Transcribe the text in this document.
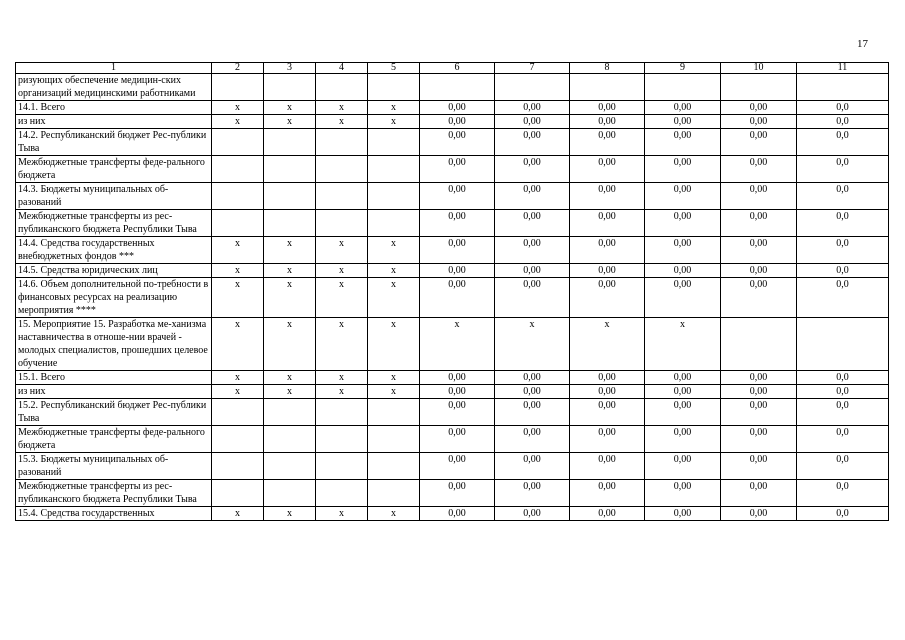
17
1	2	3	4	5	6	7	8	9	10	11
ризующих обеспечение медицин-ских организаций медицинскими работниками										
14.1. Всего	х	х	х	х	0,00	0,00	0,00	0,00	0,00	0,0
из них	х	х	х	х	0,00	0,00	0,00	0,00	0,00	0,0
14.2. Республиканский бюджет Рес-публики Тыва					0,00	0,00	0,00	0,00	0,00	0,0
Межбюджетные трансферты феде-рального бюджета					0,00	0,00	0,00	0,00	0,00	0,0
14.3. Бюджеты муниципальных об-разований					0,00	0,00	0,00	0,00	0,00	0,0
Межбюджетные трансферты из рес-публиканского бюджета Республики Тыва					0,00	0,00	0,00	0,00	0,00	0,0
14.4. Средства государственных внебюджетных фондов ***	х	х	х	х	0,00	0,00	0,00	0,00	0,00	0,0
14.5. Средства юридических лиц	х	х	х	х	0,00	0,00	0,00	0,00	0,00	0,0
14.6. Объем дополнительной по-требности в финансовых ресурсах на реализацию мероприятия ****	х	х	х	х	0,00	0,00	0,00	0,00	0,00	0,0
15. Мероприятие 15. Разработка ме-ханизма наставничества в отноше-нии врачей - молодых специалистов, прошедших целевое обучение	х	х	х	х	х	х	х	х		
15.1. Всего	х	х	х	х	0,00	0,00	0,00	0,00	0,00	0,0
из них	х	х	х	х	0,00	0,00	0,00	0,00	0,00	0,0
15.2. Республиканский бюджет Рес-публики Тыва					0,00	0,00	0,00	0,00	0,00	0,0
Межбюджетные трансферты феде-рального бюджета					0,00	0,00	0,00	0,00	0,00	0,0
15.3. Бюджеты муниципальных об-разований					0,00	0,00	0,00	0,00	0,00	0,0
Межбюджетные трансферты из рес-публиканского бюджета Республики Тыва					0,00	0,00	0,00	0,00	0,00	0,0
15.4. Средства государственных	х	х	х	х	0,00	0,00	0,00	0,00	0,00	0,0
